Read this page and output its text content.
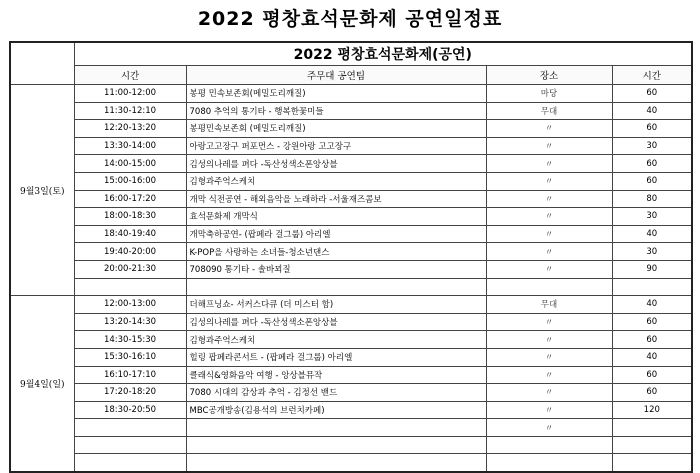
2022 평창효석문화제 공연일정표
	2022 평창효석문화제(공연)			
	시간	주무대 공연팀	장소	시간
9월3일(토)	11:00-12:00	봉평 민속보존회(메밀도리깨질)	마당	60
	11:30-12:10	7080 추억의 통기타 - 행복한꽃미들	무대	40
	12:20-13:20	봉평민속보존회 (메밀도리깨질)	〃	60
	13:30-14:00	아랑고고장구 퍼포먼스 - 강원아랑 고고장구	〃	30
	14:00-15:00	김성의나레를 펴다 -독산성색소폰앙상블	〃	60
	15:00-16:00	김형과주억스케치	〃	60
	16:00-17:20	개막 식전공연 - 해외음악을 노래하라 -서울재즈콤보	〃	80
	18:00-18:30	효석문화제 개막식	〃	30
	18:40-19:40	개막축하공연- (팝페라 걸그룹) 아리엘	〃	40
	19:40-20:00	K-POP을 사랑하는 소녀들-청소년댄스	〃	30
	20:00-21:30	708090 통기타 - 솔바꾀질	〃	90

9월4일(일)	12:00-13:00	더해프닝쇼- 서커스다큐 (더 미스터 함)	무대	40
	13:20-14:30	김성의나레를 펴다 -독산성색소폰앙상블	〃	60
	14:30-15:30	김형과주억스케치	〃	60
	15:30-16:10	힐링 팝페라콘서트 - (팝페라 걸그룹) 아리엘	〃	40
	16:10-17:10	클래식&영화음악 여행 - 앙상블뮤작	〃	60
	17:20-18:20	7080 시대의 감상과 추억 - 김정선 밴드	〃	60
	18:30-20:50	MBC공개방송(김용석의 브런치카페)	〃	120
			〃	
